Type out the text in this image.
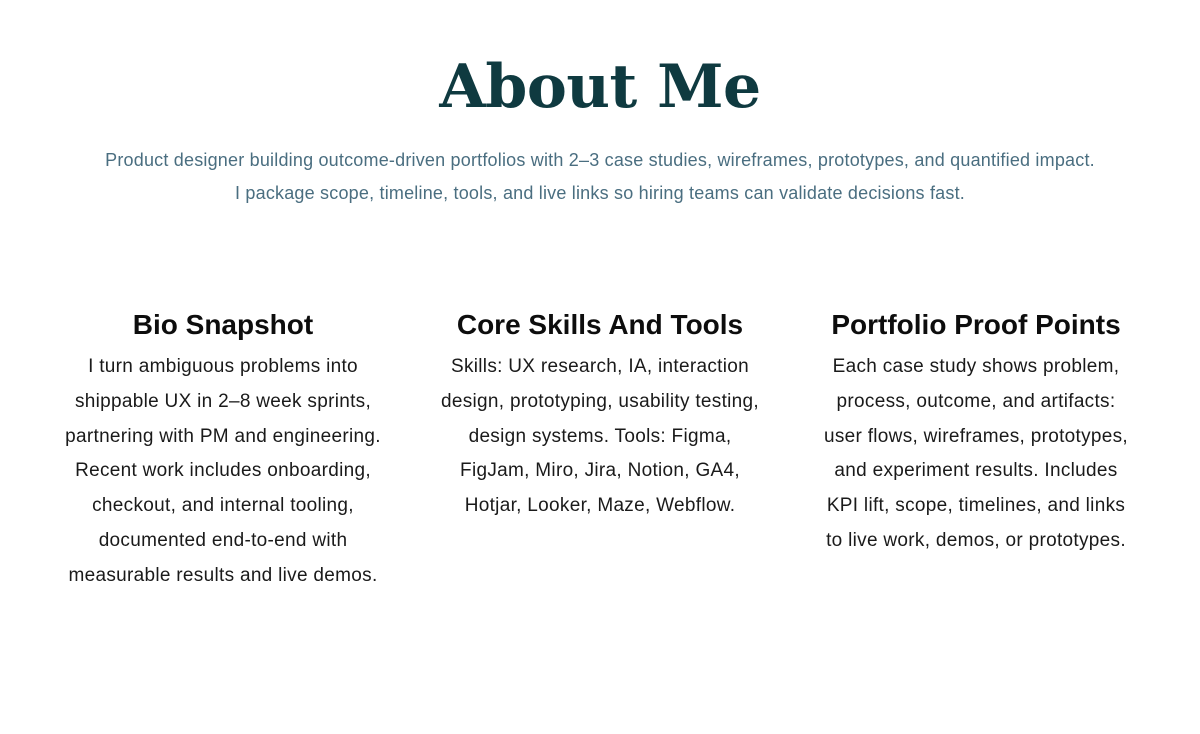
About Me

Product designer building outcome-driven portfolios with 2–3 case studies, wireframes, prototypes, and quantified impact. I package scope, timeline, tools, and live links so hiring teams can validate decisions fast.

Bio Snapshot

I turn ambiguous problems into shippable UX in 2–8 week sprints, partnering with PM and engineering. Recent work includes onboarding, checkout, and internal tooling, documented end-to-end with measurable results and live demos.

Core Skills And Tools

Skills: UX research, IA, interaction design, prototyping, usability testing, design systems. Tools: Figma, FigJam, Miro, Jira, Notion, GA4, Hotjar, Looker, Maze, Webflow.

Portfolio Proof Points

Each case study shows problem, process, outcome, and artifacts: user flows, wireframes, prototypes, and experiment results. Includes KPI lift, scope, timelines, and links to live work, demos, or prototypes.
